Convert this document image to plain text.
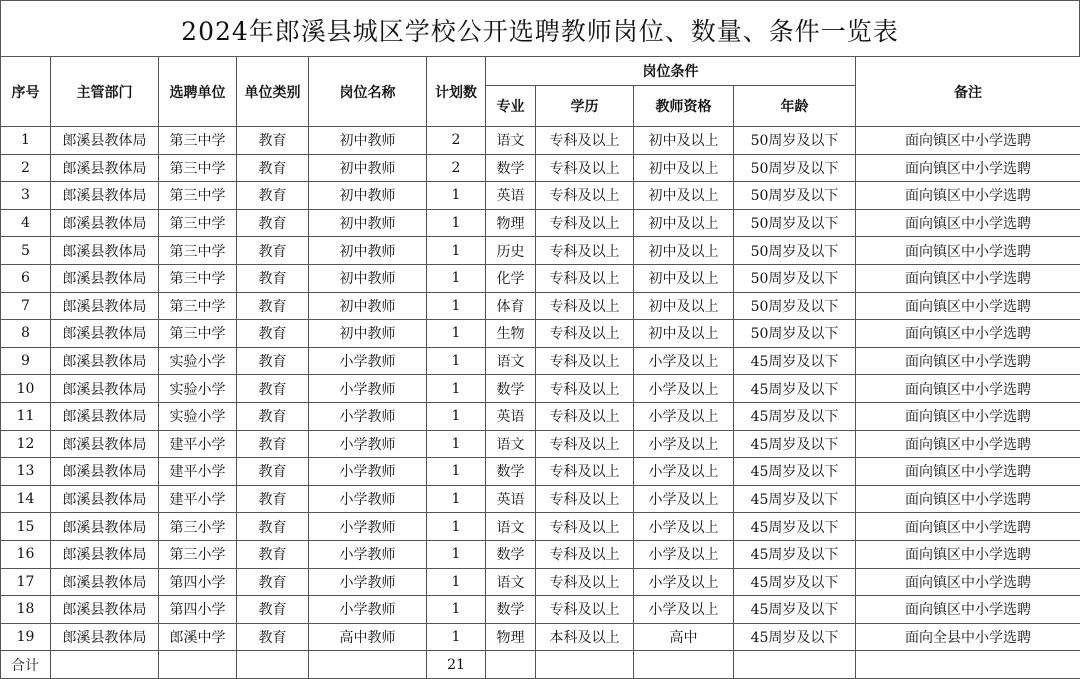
2024年郎溪县城区学校公开选聘教师岗位、数量、条件一览表
序号	主管部门	选聘单位	单位类别	岗位名称	计划数	岗位条件				备注
						专业	学历	教师资格	年龄	
1	郎溪县教体局	第三中学	教育	初中教师	2	语文	专科及以上	初中及以上	50周岁及以下	面向镇区中小学选聘
2	郎溪县教体局	第三中学	教育	初中教师	2	数学	专科及以上	初中及以上	50周岁及以下	面向镇区中小学选聘
3	郎溪县教体局	第三中学	教育	初中教师	1	英语	专科及以上	初中及以上	50周岁及以下	面向镇区中小学选聘
4	郎溪县教体局	第三中学	教育	初中教师	1	物理	专科及以上	初中及以上	50周岁及以下	面向镇区中小学选聘
5	郎溪县教体局	第三中学	教育	初中教师	1	历史	专科及以上	初中及以上	50周岁及以下	面向镇区中小学选聘
6	郎溪县教体局	第三中学	教育	初中教师	1	化学	专科及以上	初中及以上	50周岁及以下	面向镇区中小学选聘
7	郎溪县教体局	第三中学	教育	初中教师	1	体育	专科及以上	初中及以上	50周岁及以下	面向镇区中小学选聘
8	郎溪县教体局	第三中学	教育	初中教师	1	生物	专科及以上	初中及以上	50周岁及以下	面向镇区中小学选聘
9	郎溪县教体局	实验小学	教育	小学教师	1	语文	专科及以上	小学及以上	45周岁及以下	面向镇区中小学选聘
10	郎溪县教体局	实验小学	教育	小学教师	1	数学	专科及以上	小学及以上	45周岁及以下	面向镇区中小学选聘
11	郎溪县教体局	实验小学	教育	小学教师	1	英语	专科及以上	小学及以上	45周岁及以下	面向镇区中小学选聘
12	郎溪县教体局	建平小学	教育	小学教师	1	语文	专科及以上	小学及以上	45周岁及以下	面向镇区中小学选聘
13	郎溪县教体局	建平小学	教育	小学教师	1	数学	专科及以上	小学及以上	45周岁及以下	面向镇区中小学选聘
14	郎溪县教体局	建平小学	教育	小学教师	1	英语	专科及以上	小学及以上	45周岁及以下	面向镇区中小学选聘
15	郎溪县教体局	第三小学	教育	小学教师	1	语文	专科及以上	小学及以上	45周岁及以下	面向镇区中小学选聘
16	郎溪县教体局	第三小学	教育	小学教师	1	数学	专科及以上	小学及以上	45周岁及以下	面向镇区中小学选聘
17	郎溪县教体局	第四小学	教育	小学教师	1	语文	专科及以上	小学及以上	45周岁及以下	面向镇区中小学选聘
18	郎溪县教体局	第四小学	教育	小学教师	1	数学	专科及以上	小学及以上	45周岁及以下	面向镇区中小学选聘
19	郎溪县教体局	郎溪中学	教育	高中教师	1	物理	本科及以上	高中	45周岁及以下	面向全县中小学选聘
合计					21					
